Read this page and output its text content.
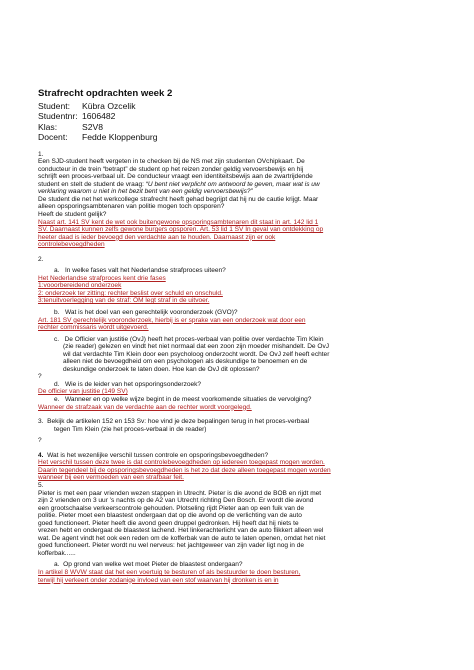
Strafrecht opdrachten week 2
Student:	Kübra Ozcelik
Studentnr: 1606482
Klas:	S2V8
Docent:	Fedde Kloppenburg
1.
Een SJD-student heeft vergeten in te checken bij de NS met zijn studenten OVchipkaart. De
conducteur in de trein “betrapt” de student op het reizen zonder geldig vervoersbewijs en hij
schrijft een proces-verbaal uit. De conducteur vraagt een identiteitsbewijs aan de zwartrijdende
student en stelt de student de vraag: “U bent niet verplicht om antwoord te geven, maar wat is uw
verklaring waarom u niet in het bezit bent van een geldig vervoersbewijs?”
De student die net het werkcollege strafrecht heeft gehad begrijpt dat hij nu de cautie krijgt. Maar
alleen opsporingsambtenaren van politie mogen toch opsporen?
Heeft de student gelijk?
Naast art. 141 SV kent de wet ook buitengewone opsporingsambtenaren dit staat in art. 142 lid 1
SV. Daarnaast kunnen zelfs gewone burgers opsporen. Art. 53 lid 1 SV In geval van ontdekking op
heeter daad is ieder bevoegd den verdachte aan te houden. Daarnaast zijn er ook
controlebevoegdheden
2.
a. In welke fases valt het Nederlandse strafproces uiteen?
Het Nederlandse strafproces kent drie fases
1:vooorbereidend onderzoek
2: onderzoek ter zitting: rechter beslist over schuld en onschuld.
3:tenuitvoerlegging van de straf: OM legt straf in de uitvoer.
b. Wat is het doel van een gerechtelijk vooronderzoek (GVO)?
Art. 181 SV gerechtelijk vooronderzoek, hierbij is er sprake van een onderzoek wat door een
rechter commissaris wordt uitgevoerd.
c. De Officier van justitie (OvJ) heeft het proces-verbaal van politie over verdachte Tim Klein
(zie reader) gelezen en vindt het niet normaal dat een zoon zijn moeder mishandelt. De OvJ
wil dat verdachte Tim Klein door een psycholoog onderzocht wordt. De OvJ zelf heeft echter
alleen niet de bevoegdheid om een psychologen als deskundige te benoemen en de
deskundige onderzoek te laten doen. Hoe kan de OvJ dit oplossen?
?
d. Wie is de leider van het opsporingsonderzoek?
De officier van justitie (149 SV)
e. Wanneer en op welke wijze begint in de meest voorkomende situaties de vervolging?
Wanneer de strafzaak van de verdachte aan de rechter wordt voorgelegd.
3. Bekijk de artikelen 152 en 153 Sv: hoe vind je deze bepalingen terug in het proces-verbaal
tegen Tim Klein (zie het proces-verbaal in de reader)
?
4. Wat is het wezenlijke verschil tussen controle en opsporingsbevoegdheden?
Het verschil tussen deze twee is dat controlebevoegdheden op iedereen toegepast mogen worden.
Daarin tegendeel bij de opsporingsbevoegdheden is het zo dat deze alleen toegepast mogen worden
wanneer bij een vermoeden van een strafbaar feit.
5.
Pieter is met een paar vrienden wezen stappen in Utrecht. Pieter is die avond de BOB en rijdt met
zijn 2 vrienden om 3 uur ’s nachts op de A2 van Utrecht richting Den Bosch. Er wordt die avond
een grootschaalse verkeerscontrole gehouden. Plotseling rijdt Pieter aan op een fuik van de
politie. Pieter moet een blaastest ondergaan dat op die avond op de verlichting van de auto
goed functioneert. Pieter heeft die avond geen druppel gedronken. Hij heeft dat hij niets te
vrezen hebt en ondergaat de blaastest lachend. Het linkerachterlicht van de auto flikkert alleen wel
wat. De agent vindt het ook een reden om de kofferbak van de auto te laten openen, omdat het niet
goed functioneert. Pieter wordt nu wel nerveus: het jachtgeweer van zijn vader ligt nog in de
kofferbak......
a. Op grond van welke wet moet Pieter de blaastest ondergaan?
In artikel 8 WVW staat dat het een voertuig te besturen of als bestuurder te doen besturen,
terwijl hij verkeert onder zodanige invloed van een stof waarvan hij dronken is en in
